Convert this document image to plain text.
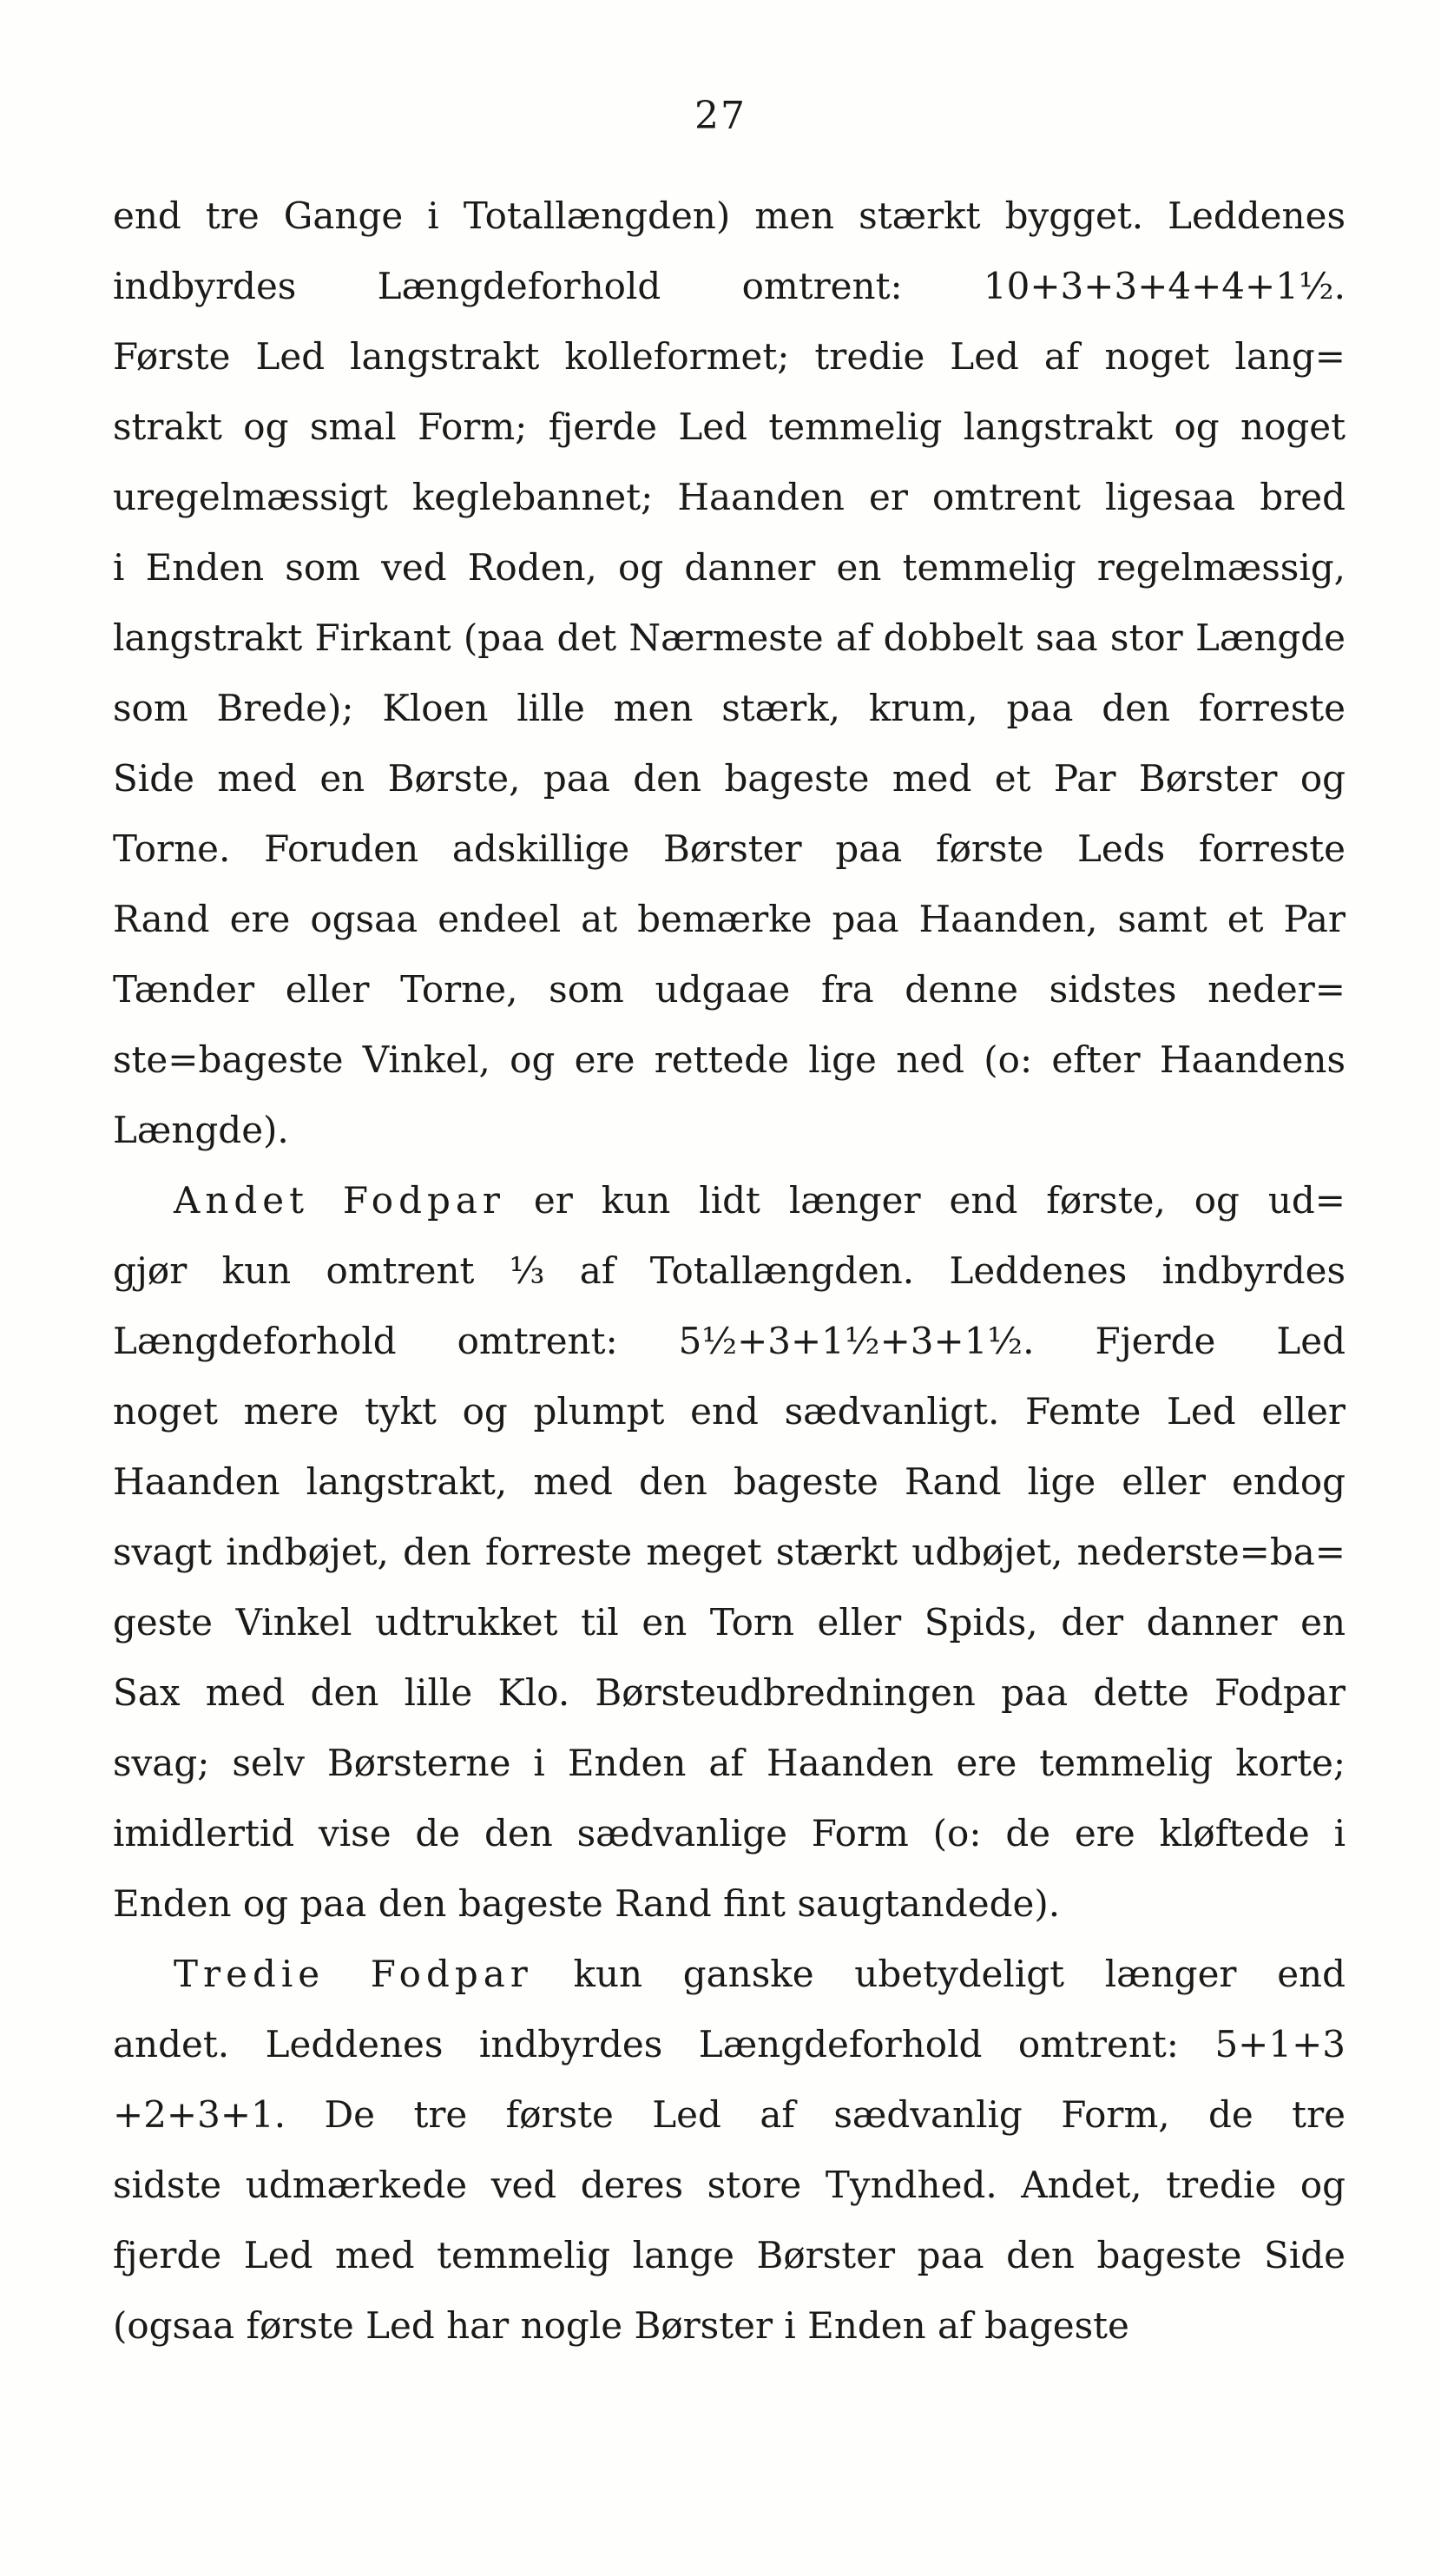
27
end tre Gange i Totallængden) men stærkt bygget. Leddenes
indbyrdes Længdeforhold omtrent: 10+3+3+4+4+1½.
Første Led langstrakt kolleformet; tredie Led af noget lang=
strakt og smal Form; fjerde Led temmelig langstrakt og noget
uregelmæssigt keglebannet; Haanden er omtrent ligesaa bred
i Enden som ved Roden, og danner en temmelig regelmæssig,
langstrakt Firkant (paa det Nærmeste af dobbelt saa stor Længde
som Brede); Kloen lille men stærk, krum, paa den forreste
Side med en Børste, paa den bageste med et Par Børster og
Torne. Foruden adskillige Børster paa første Leds forreste
Rand ere ogsaa endeel at bemærke paa Haanden, samt et Par
Tænder eller Torne, som udgaae fra denne sidstes neder=
ste=bageste Vinkel, og ere rettede lige ned (o: efter Haandens
Længde).
Andet Fodpar er kun lidt længer end første, og ud=
gjør kun omtrent ⅓ af Totallængden. Leddenes indbyrdes
Længdeforhold omtrent: 5½+3+1½+3+1½. Fjerde Led
noget mere tykt og plumpt end sædvanligt. Femte Led eller
Haanden langstrakt, med den bageste Rand lige eller endog
svagt indbøjet, den forreste meget stærkt udbøjet, nederste=ba=
geste Vinkel udtrukket til en Torn eller Spids, der danner en
Sax med den lille Klo. Børsteudbredningen paa dette Fodpar
svag; selv Børsterne i Enden af Haanden ere temmelig korte;
imidlertid vise de den sædvanlige Form (o: de ere kløftede i
Enden og paa den bageste Rand fint saugtandede).
Tredie Fodpar kun ganske ubetydeligt længer end
andet. Leddenes indbyrdes Længdeforhold omtrent: 5+1+3
+2+3+1. De tre første Led af sædvanlig Form, de tre
sidste udmærkede ved deres store Tyndhed. Andet, tredie og
fjerde Led med temmelig lange Børster paa den bageste Side
(ogsaa første Led har nogle Børster i Enden af bageste
